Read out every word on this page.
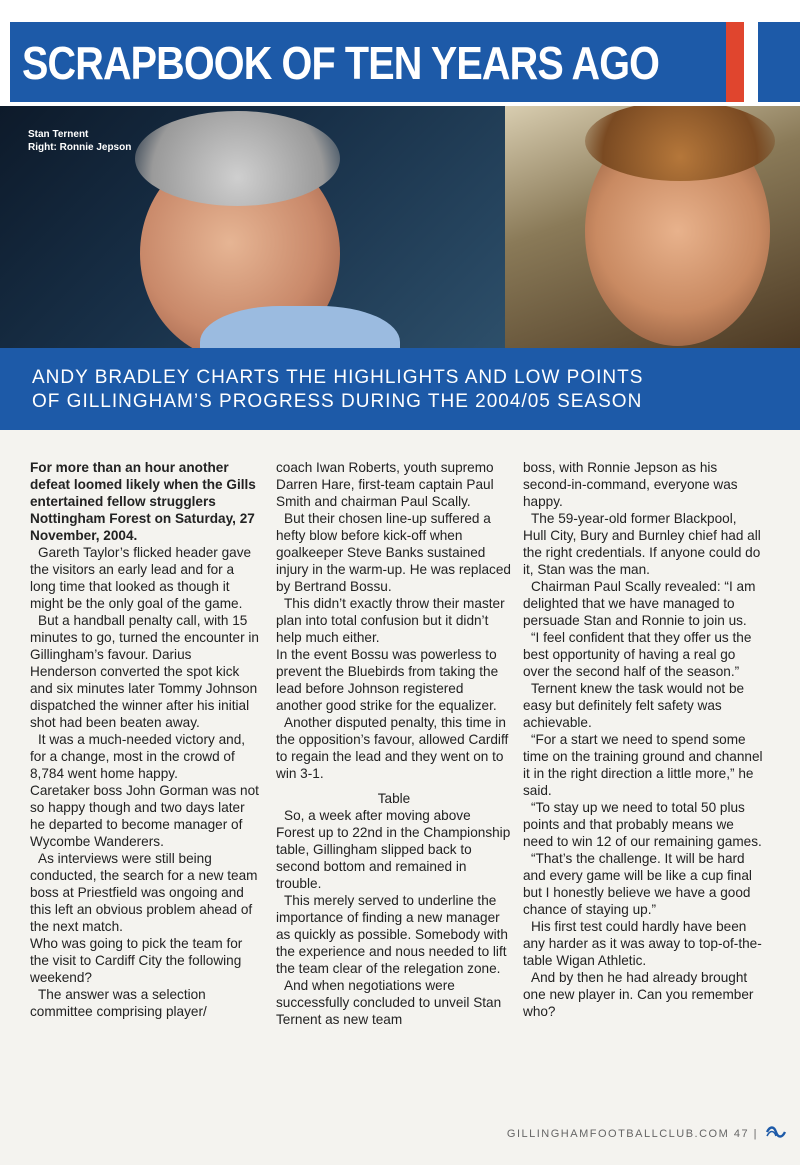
SCRAPBOOK OF TEN YEARS AGO
Stan Ternent
Right: Ronnie Jepson
ANDY BRADLEY CHARTS THE HIGHLIGHTS AND LOW POINTS
OF GILLINGHAM’S PROGRESS DURING THE 2004/05 SEASON

For more than an hour another defeat loomed likely when the Gills entertained fellow strugglers Nottingham Forest on Saturday, 27 November, 2004.

Gareth Taylor’s flicked header gave the visitors an early lead and for a long time that looked as though it might be the only goal of the game.

But a handball penalty call, with 15 minutes to go, turned the encounter in Gillingham’s favour. Darius Henderson converted the spot kick and six minutes later Tommy Johnson dispatched the winner after his initial shot had been beaten away.

It was a much-needed victory and, for a change, most in the crowd of 8,784 went home happy.

Caretaker boss John Gorman was not so happy though and two days later he departed to become manager of Wycombe Wanderers.

As interviews were still being conducted, the search for a new team boss at Priestfield was ongoing and this left an obvious problem ahead of the next match.

Who was going to pick the team for the visit to Cardiff City the following weekend?

The answer was a selection committee comprising player/

coach Iwan Roberts, youth supremo Darren Hare, first-team captain Paul Smith and chairman Paul Scally.

But their chosen line-up suffered a hefty blow before kick-off when goalkeeper Steve Banks sustained injury in the warm-up. He was replaced by Bertrand Bossu.

This didn’t exactly throw their master plan into total confusion but it didn’t help much either.

In the event Bossu was powerless to prevent the Bluebirds from taking the lead before Johnson registered another good strike for the equalizer.

Another disputed penalty, this time in the opposition’s favour, allowed Cardiff to regain the lead and they went on to win 3-1.

Table

So, a week after moving above Forest up to 22nd in the Championship table, Gillingham slipped back to second bottom and remained in trouble.

This merely served to underline the importance of finding a new manager as quickly as possible. Somebody with the experience and nous needed to lift the team clear of the relegation zone.

And when negotiations were successfully concluded to unveil Stan Ternent as new team

boss, with Ronnie Jepson as his second-in-command, everyone was happy.

The 59-year-old former Blackpool, Hull City, Bury and Burnley chief had all the right credentials. If anyone could do it, Stan was the man.

Chairman Paul Scally revealed: “I am delighted that we have managed to persuade Stan and Ronnie to join us.

“I feel confident that they offer us the best opportunity of having a real go over the second half of the season.”

Ternent knew the task would not be easy but definitely felt safety was achievable.

“For a start we need to spend some time on the training ground and channel it in the right direction a little more,” he said.

“To stay up we need to total 50 plus points and that probably means we need to win 12 of our remaining games.

“That’s the challenge. It will be hard and every game will be like a cup final but I honestly believe we have a good chance of staying up.”

His first test could hardly have been any harder as it was away to top-of-the-table Wigan Athletic.

And by then he had already brought one new player in. Can you remember who?

GILLINGHAMFOOTBALLCLUB.COM 47 |
